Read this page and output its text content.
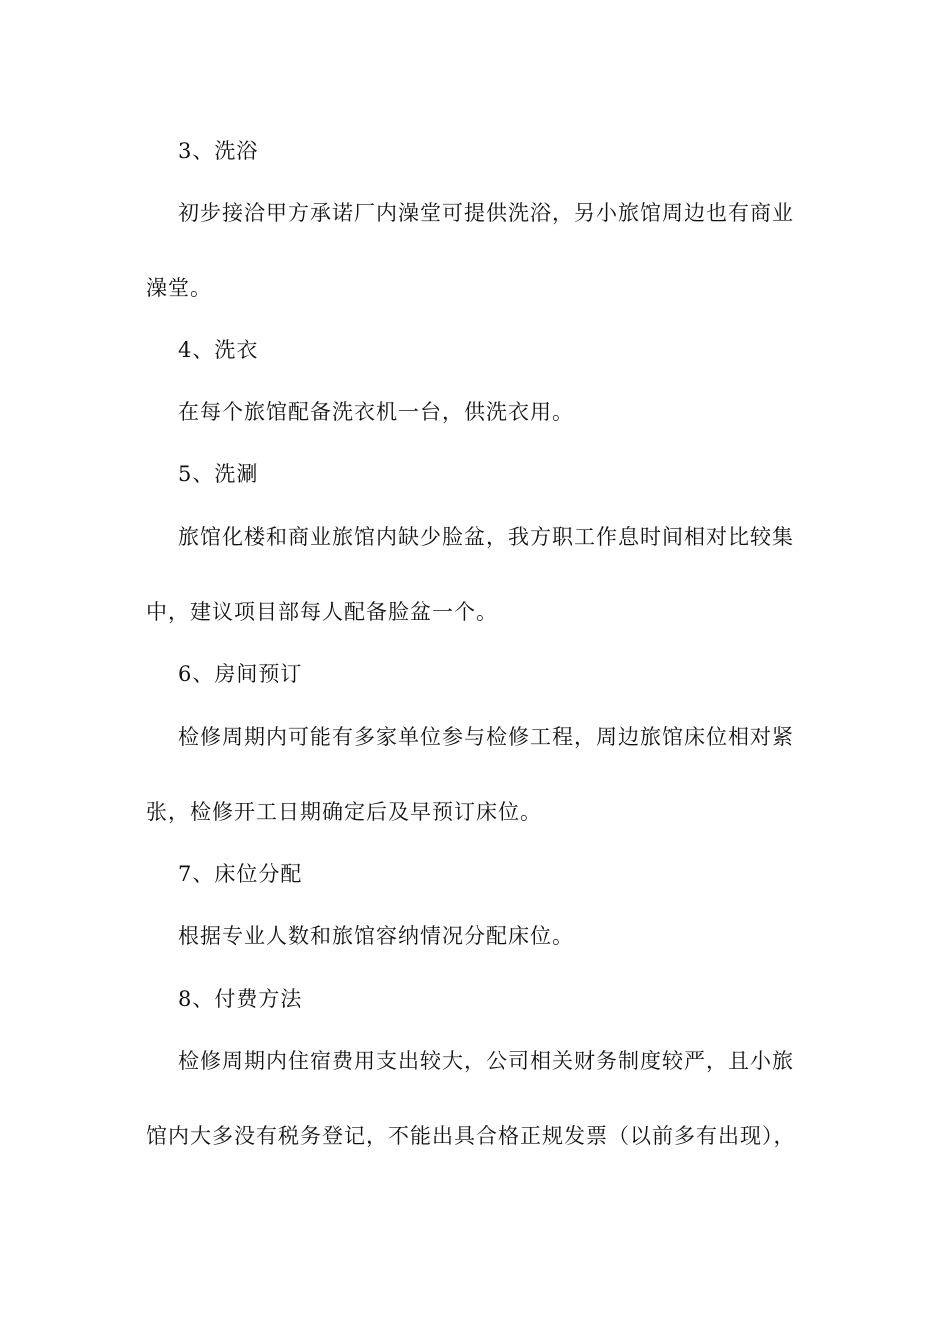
3、洗浴
初步接洽甲方承诺厂内澡堂可提供洗浴，另小旅馆周边也有商业
澡堂。
4、洗衣
在每个旅馆配备洗衣机一台，供洗衣用。
5、洗涮
旅馆化楼和商业旅馆内缺少脸盆，我方职工作息时间相对比较集
中，建议项目部每人配备脸盆一个。
6、房间预订
检修周期内可能有多家单位参与检修工程，周边旅馆床位相对紧
张，检修开工日期确定后及早预订床位。
7、床位分配
根据专业人数和旅馆容纳情况分配床位。
8、付费方法
检修周期内住宿费用支出较大，公司相关财务制度较严，且小旅
馆内大多没有税务登记，不能出具合格正规发票（以前多有出现），
